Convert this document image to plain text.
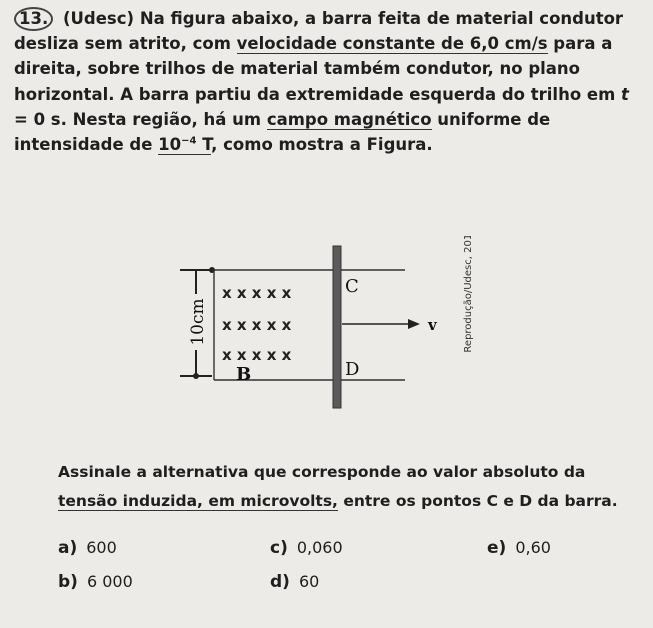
13. (Udesc) Na figura abaixo, a barra feita de material condutor desliza sem atrito, com velocidade constante de 6,0 cm/s para a direita, sobre trilhos de material também condutor, no plano horizontal. A barra partiu da extremidade esquerda do trilho em t = 0 s. Nesta região, há um campo magnético uniforme de intensidade de $10^{-4}$ T, como mostra a Figura.

10cm
x x x x x
x x x x x
x x x x x
B
C
D
v	Reprodução/Udesc, 2018

Assinale a alternativa que corresponde ao valor absoluto da tensão induzida, em microvolts, entre os pontos C e D da barra.

a) 600
b) 6 000
c) 0,060
d) 60
e) 0,60
